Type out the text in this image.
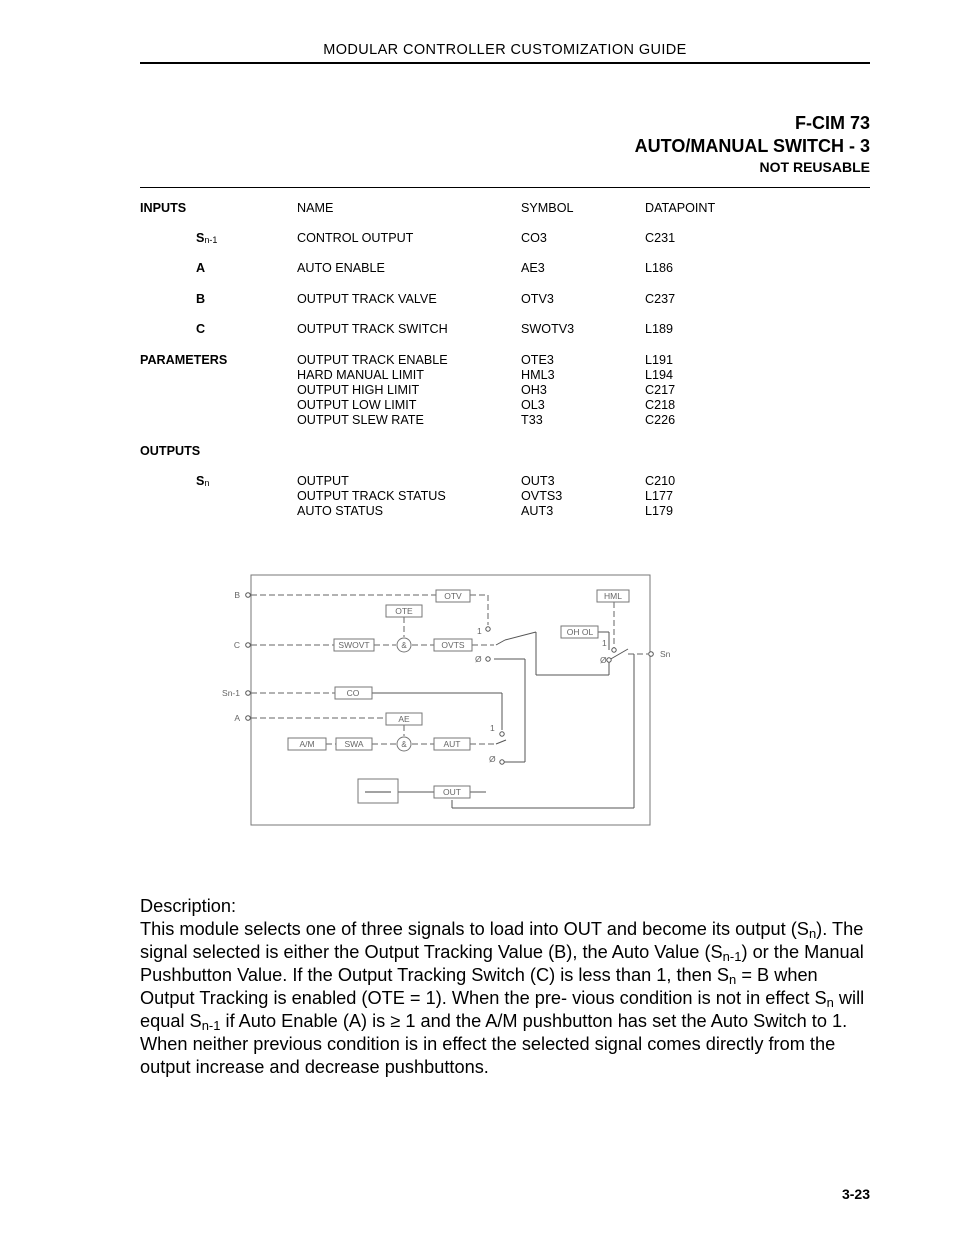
MODULAR CONTROLLER CUSTOMIZATION GUIDE
F-CIM 73
AUTO/MANUAL SWITCH - 3
NOT REUSABLE
INPUTS	NAME	SYMBOL	DATAPOINT
$S_{n-1}$	CONTROL OUTPUT	CO3	C231
A	AUTO ENABLE	AE3	L186
B	OUTPUT TRACK VALVE	OTV3	C237
C	OUTPUT TRACK SWITCH	SWOTV3	L189
PARAMETERS	OUTPUT TRACK ENABLE	OTE3	L191
HARD MANUAL LIMIT	HML3	L194
OUTPUT HIGH LIMIT	OH3	C217
OUTPUT LOW LIMIT	OL3	C218
OUTPUT SLEW RATE	T33	C226
OUTPUTS
$S_n$	OUTPUT	OUT3	C210
OUTPUT TRACK STATUS	OVTS3	L177
AUTO STATUS	AUT3	L179
B
C
Sn-1
A
Sn
OTV
OTE
SWOVT	OVTS
HML
OH OL
CO
AE
A/M	SWA	AUT
OUT
&
&
1
Ø
1
Ø
1
Ø
Description:
This module selects one of three signals to load into OUT and become its output $(S_n)$. The signal selected is either the Output Tracking Value (B), the Auto Value $(S_{n-1})$ or the Manual Pushbutton Value. If the Output Tracking Switch (C) is less than 1, then $S_n = B$ when Output Tracking is enabled (OTE = 1). When the pre- vious condition is not in effect $S_n$ will equal $S_{n-1}$ if Auto Enable (A) is ≥ 1 and the A/M pushbutton has set the Auto Switch to 1. When neither previous condition is in effect the selected signal comes directly from the output increase and decrease pushbuttons.
3-23
